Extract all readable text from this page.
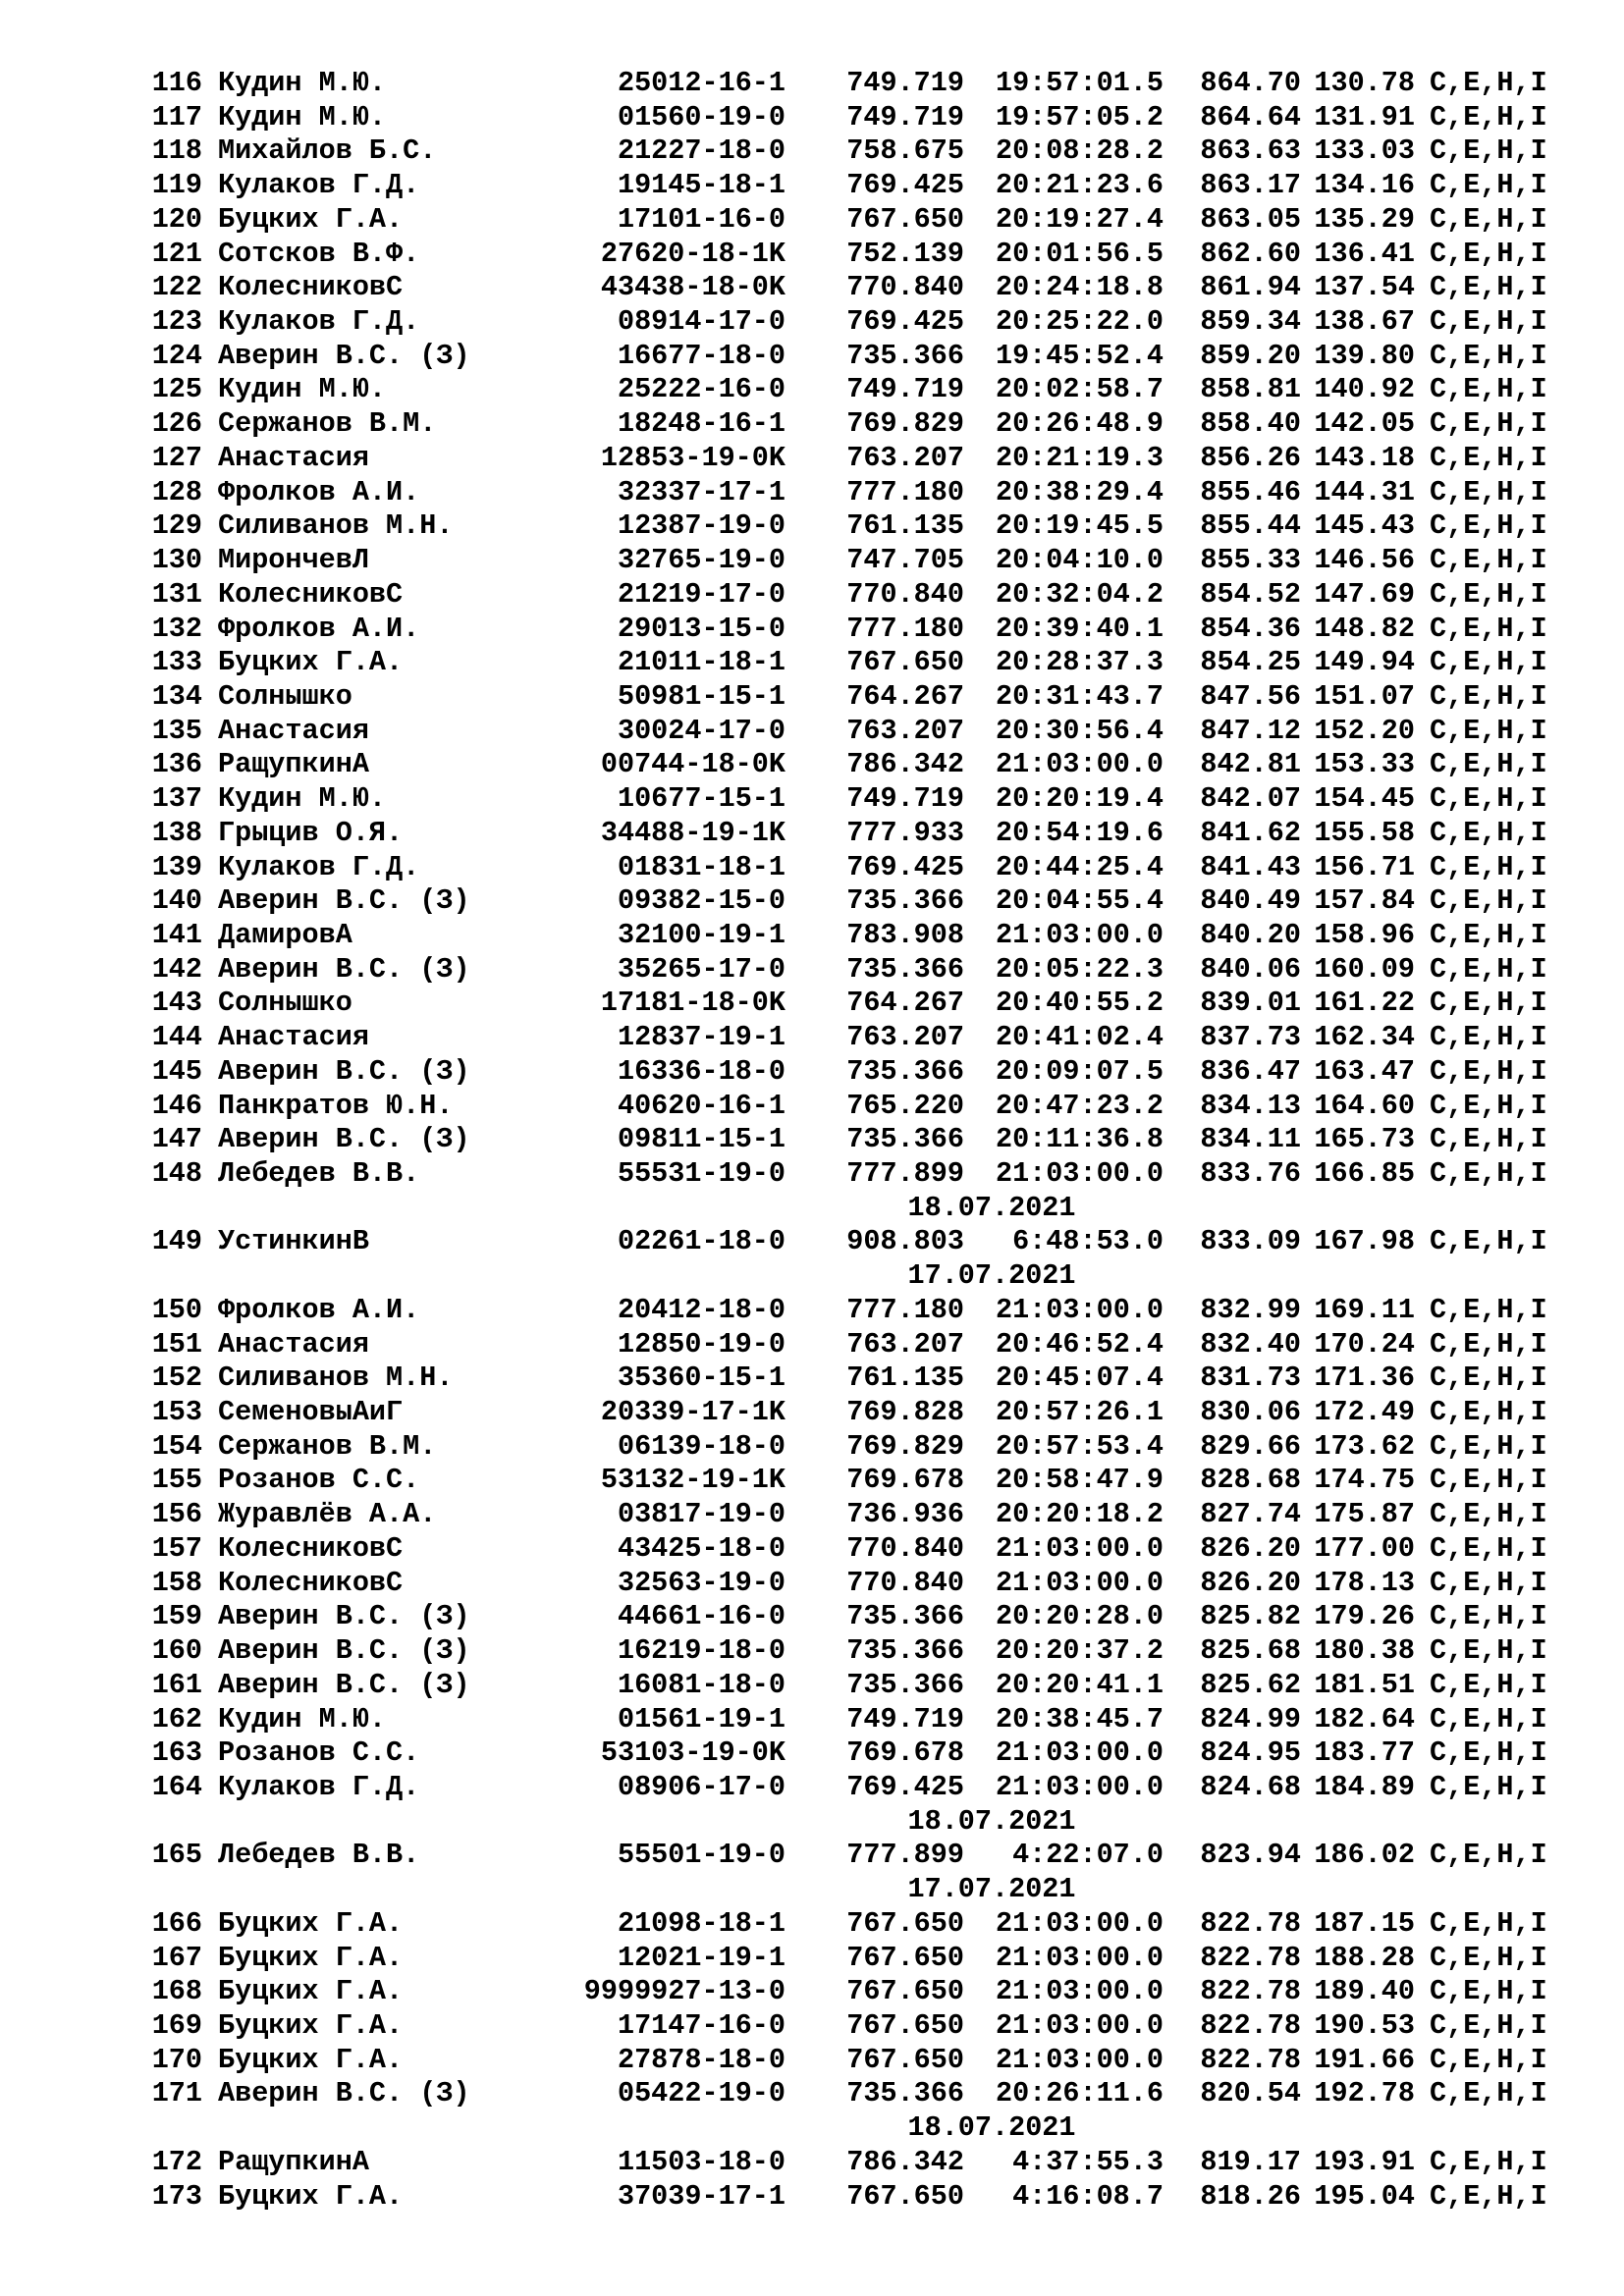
116 Кудин М.Ю.	25012-16-1	749.719	19:57:01.5	864.70 130.78 C,E,H,I
117 Кудин М.Ю.	01560-19-0	749.719	19:57:05.2	864.64 131.91 C,E,H,I
118 Михайлов Б.С.	21227-18-0	758.675	20:08:28.2	863.63 133.03 C,E,H,I
119 Кулаков Г.Д.	19145-18-1	769.425	20:21:23.6	863.17 134.16 C,E,H,I
120 Буцких Г.А.	17101-16-0	767.650	20:19:27.4	863.05 135.29 C,E,H,I
121 Сотсков В.Ф.	27620-18-1K	752.139	20:01:56.5	862.60 136.41 C,E,H,I
122 КолесниковС	43438-18-0K	770.840	20:24:18.8	861.94 137.54 C,E,H,I
123 Кулаков Г.Д.	08914-17-0	769.425	20:25:22.0	859.34 138.67 C,E,H,I
124 Аверин В.С. (З)	16677-18-0	735.366	19:45:52.4	859.20 139.80 C,E,H,I
125 Кудин М.Ю.	25222-16-0	749.719	20:02:58.7	858.81 140.92 C,E,H,I
126 Сержанов В.М.	18248-16-1	769.829	20:26:48.9	858.40 142.05 C,E,H,I
127 Анастасия	12853-19-0K	763.207	20:21:19.3	856.26 143.18 C,E,H,I
128 Фролков А.И.	32337-17-1	777.180	20:38:29.4	855.46 144.31 C,E,H,I
129 Силиванов М.Н.	12387-19-0	761.135	20:19:45.5	855.44 145.43 C,E,H,I
130 МирончевЛ	32765-19-0	747.705	20:04:10.0	855.33 146.56 C,E,H,I
131 КолесниковС	21219-17-0	770.840	20:32:04.2	854.52 147.69 C,E,H,I
132 Фролков А.И.	29013-15-0	777.180	20:39:40.1	854.36 148.82 C,E,H,I
133 Буцких Г.А.	21011-18-1	767.650	20:28:37.3	854.25 149.94 C,E,H,I
134 Солнышко	50981-15-1	764.267	20:31:43.7	847.56 151.07 C,E,H,I
135 Анастасия	30024-17-0	763.207	20:30:56.4	847.12 152.20 C,E,H,I
136 РащупкинА	00744-18-0K	786.342	21:03:00.0	842.81 153.33 C,E,H,I
137 Кудин М.Ю.	10677-15-1	749.719	20:20:19.4	842.07 154.45 C,E,H,I
138 Грыцив О.Я.	34488-19-1K	777.933	20:54:19.6	841.62 155.58 C,E,H,I
139 Кулаков Г.Д.	01831-18-1	769.425	20:44:25.4	841.43 156.71 C,E,H,I
140 Аверин В.С. (З)	09382-15-0	735.366	20:04:55.4	840.49 157.84 C,E,H,I
141 ДамировА	32100-19-1	783.908	21:03:00.0	840.20 158.96 C,E,H,I
142 Аверин В.С. (З)	35265-17-0	735.366	20:05:22.3	840.06 160.09 C,E,H,I
143 Солнышко	17181-18-0K	764.267	20:40:55.2	839.01 161.22 C,E,H,I
144 Анастасия	12837-19-1	763.207	20:41:02.4	837.73 162.34 C,E,H,I
145 Аверин В.С. (З)	16336-18-0	735.366	20:09:07.5	836.47 163.47 C,E,H,I
146 Панкратов Ю.Н.	40620-16-1	765.220	20:47:23.2	834.13 164.60 C,E,H,I
147 Аверин В.С. (З)	09811-15-1	735.366	20:11:36.8	834.11 165.73 C,E,H,I
148 Лебедев В.В.	55531-19-0	777.899	21:03:00.0	833.76 166.85 C,E,H,I
18.07.2021
149 УстинкинВ	02261-18-0	908.803	6:48:53.0	833.09 167.98 C,E,H,I
17.07.2021
150 Фролков А.И.	20412-18-0	777.180	21:03:00.0	832.99 169.11 C,E,H,I
151 Анастасия	12850-19-0	763.207	20:46:52.4	832.40 170.24 C,E,H,I
152 Силиванов М.Н.	35360-15-1	761.135	20:45:07.4	831.73 171.36 C,E,H,I
153 СеменовыАиГ	20339-17-1K	769.828	20:57:26.1	830.06 172.49 C,E,H,I
154 Сержанов В.М.	06139-18-0	769.829	20:57:53.4	829.66 173.62 C,E,H,I
155 Розанов С.С.	53132-19-1K	769.678	20:58:47.9	828.68 174.75 C,E,H,I
156 Журавлёв А.А.	03817-19-0	736.936	20:20:18.2	827.74 175.87 C,E,H,I
157 КолесниковС	43425-18-0	770.840	21:03:00.0	826.20 177.00 C,E,H,I
158 КолесниковС	32563-19-0	770.840	21:03:00.0	826.20 178.13 C,E,H,I
159 Аверин В.С. (З)	44661-16-0	735.366	20:20:28.0	825.82 179.26 C,E,H,I
160 Аверин В.С. (З)	16219-18-0	735.366	20:20:37.2	825.68 180.38 C,E,H,I
161 Аверин В.С. (З)	16081-18-0	735.366	20:20:41.1	825.62 181.51 C,E,H,I
162 Кудин М.Ю.	01561-19-1	749.719	20:38:45.7	824.99 182.64 C,E,H,I
163 Розанов С.С.	53103-19-0K	769.678	21:03:00.0	824.95 183.77 C,E,H,I
164 Кулаков Г.Д.	08906-17-0	769.425	21:03:00.0	824.68 184.89 C,E,H,I
18.07.2021
165 Лебедев В.В.	55501-19-0	777.899	4:22:07.0	823.94 186.02 C,E,H,I
17.07.2021
166 Буцких Г.А.	21098-18-1	767.650	21:03:00.0	822.78 187.15 C,E,H,I
167 Буцких Г.А.	12021-19-1	767.650	21:03:00.0	822.78 188.28 C,E,H,I
168 Буцких Г.А.	9999927-13-0	767.650	21:03:00.0	822.78 189.40 C,E,H,I
169 Буцких Г.А.	17147-16-0	767.650	21:03:00.0	822.78 190.53 C,E,H,I
170 Буцких Г.А.	27878-18-0	767.650	21:03:00.0	822.78 191.66 C,E,H,I
171 Аверин В.С. (З)	05422-19-0	735.366	20:26:11.6	820.54 192.78 C,E,H,I
18.07.2021
172 РащупкинА	11503-18-0	786.342	4:37:55.3	819.17 193.91 C,E,H,I
173 Буцких Г.А.	37039-17-1	767.650	4:16:08.7	818.26 195.04 C,E,H,I
